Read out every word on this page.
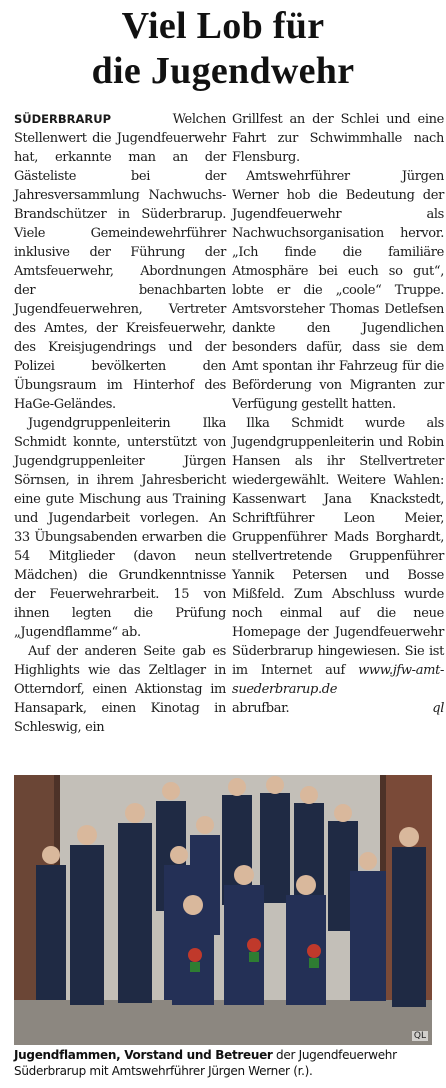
Viel Lob für
die Jugendwehr

SÜDERBRARUP	Welchen Stellenwert die Jugendfeuerwehr hat, erkannte man an der Gästeliste bei der Jahresversammlung Nachwuchs-Brandschützer in Süderbrarup. Viele Gemeindewehrführer inklusive der Führung der Amtsfeuerwehr, Abordnungen der benachbarten Jugendfeuerwehren, Vertreter des Amtes, der Kreisfeuerwehr, des Kreisjugendrings und der Polizei bevölkerten den Übungsraum im Hinterhof des HaGe-Geländes.

Jugendgruppenleiterin Ilka Schmidt konnte, unterstützt von Jugendgruppenleiter Jürgen Sörnsen, in ihrem Jahresbericht eine gute Mischung aus Training und Jugendarbeit vorlegen. An 33 Übungsabenden erwarben die 54 Mitglieder (davon neun Mädchen) die Grundkenntnisse der Feuerwehrarbeit. 15 von ihnen legten die Prüfung „Jugendflamme“ ab.

Auf der anderen Seite gab es Highlights wie das Zeltlager in Otterndorf, einen Aktionstag im Hansapark, einen Kinotag in Schleswig, ein

Grillfest an der Schlei und eine Fahrt zur Schwimmhalle nach Flensburg.

Amtswehrführer Jürgen Werner hob die Bedeutung der Jugendfeuerwehr als Nachwuchsorganisation hervor. „Ich finde die familiäre Atmosphäre bei euch so gut“, lobte er die „coole“ Truppe. Amtsvorsteher Thomas Detlefsen dankte den Jugendlichen besonders dafür, dass sie dem Amt spontan ihr Fahrzeug für die Beförderung von Migranten zur Verfügung gestellt hatten.

Ilka Schmidt wurde als Jugendgruppenleiterin und Robin Hansen als ihr Stellvertreter wiedergewählt. Weitere Wahlen: Kassenwart Jana Knackstedt, Schriftführer Leon Meier, Gruppenführer Mads Borghardt, stellvertretende Gruppenführer Yannik Petersen und Bosse Mißfeld. Zum Abschluss wurde noch einmal auf die neue Homepage der Jugendfeuerwehr Süderbrarup hingewiesen. Sie ist im Internet auf www.jfw-amt-suederbrarup.de

abrufbar.	ql
QL

Jugendflammen, Vorstand und Betreuer der Jugendfeuerwehr Süderbrarup mit Amtswehrführer Jürgen Werner (r.).
